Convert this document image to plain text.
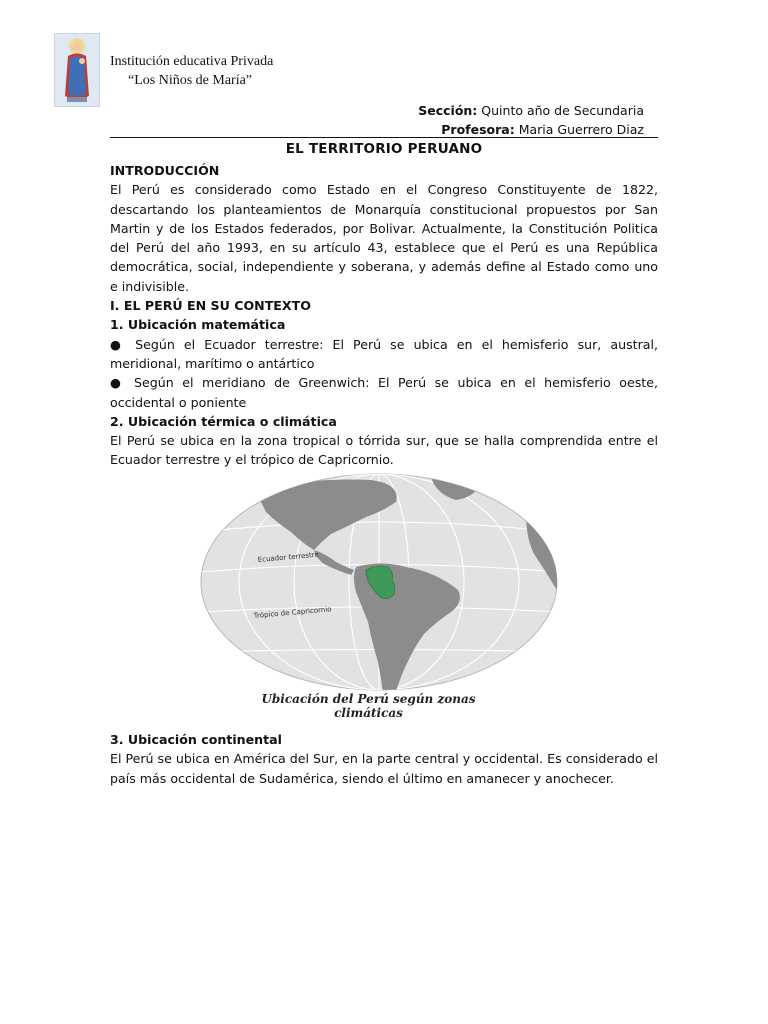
Institución educativa Privada
“Los Niños de María”
Sección: Quinto año de Secundaria
Profesora: Maria Guerrero Diaz
EL TERRITORIO PERUANO
INTRODUCCIÓN

El Perú es considerado como Estado en el Congreso Constituyente de 1822, descartando los planteamientos de Monarquía constitucional propuestos por San Martin y de los Estados federados, por Bolivar. Actualmente, la Constitución Politica del Perú del año 1993, en su artículo 43, establece que el Perú es una República democrática, social, independiente y soberana, y además define al Estado como uno e indivisible.

I. EL PERÚ EN SU CONTEXTO
1. Ubicación matemática

● Según el Ecuador terrestre: El Perú se ubica en el hemisferio sur, austral, meridional, marítimo o antártico

● Según el meridiano de Greenwich: El Perú se ubica en el hemisferio oeste, occidental o poniente

2. Ubicación térmica o climática

El Perú se ubica en la zona tropical o tórrida sur, que se halla comprendida entre el Ecuador terrestre y el trópico de Capricornio.

Ecuador terrestre
Trópico de Capricornio
Ubicación del Perú según zonas
climáticas
3. Ubicación continental

El Perú se ubica en América del Sur, en la parte central y occidental. Es considerado el país más occidental de Sudamérica, siendo el último en amanecer y anochecer.
